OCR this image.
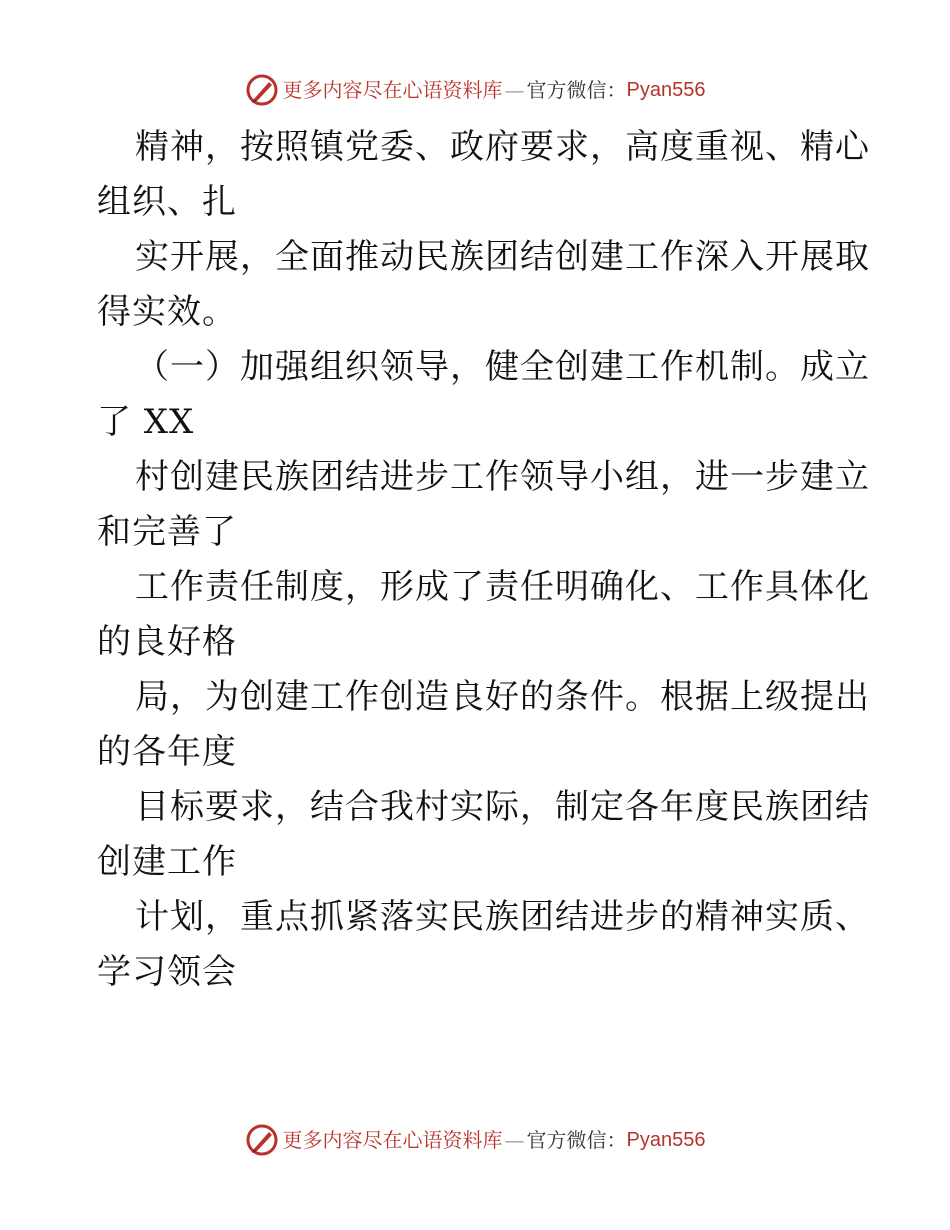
更多内容尽在心语资料库 — 官方微信： Pyan556

精神，按照镇党委、政府要求，高度重视、精心
组织、扎

实开展，全面推动民族团结创建工作深入开展取
得实效。

（一）加强组织领导，健全创建工作机制。成立
了 XX

村创建民族团结进步工作领导小组，进一步建立
和完善了

工作责任制度，形成了责任明确化、工作具体化
的良好格

局，为创建工作创造良好的条件。根据上级提出
的各年度

目标要求，结合我村实际，制定各年度民族团结
创建工作

计划，重点抓紧落实民族团结进步的精神实质、
学习领会

更多内容尽在心语资料库 — 官方微信： Pyan556
